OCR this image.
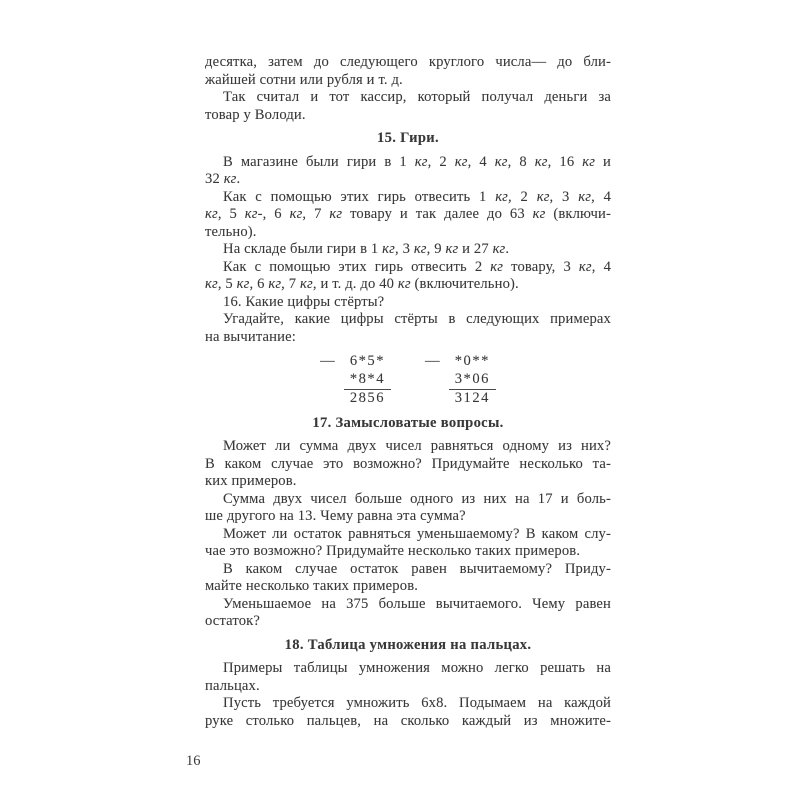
десятка, затем до следующего круглого числа— до бли-
жайшей сотни или рубля и т. д.
Так считал и тот кассир, который получал деньги за
товар у Володи.
15. Гири.
В магазине были гири в 1 кг, 2 кг, 4 кг, 8 кг, 16 кг и
32 кг.
Как с помощью этих гирь отвесить 1 кг, 2 кг, 3 кг, 4
кг, 5 кг-, 6 кг, 7 кг товару и так далее до 63 кг (включи-
тельно).
На складе были гири в 1 кг, 3 кг, 9 кг и 27 кг.
Как с помощью этих гирь отвесить 2 кг товару, 3 кг, 4
кг, 5 кг, 6 кг, 7 кг, и т. д. до 40 кг (включительно).
16. Какие цифры стёрты?
Угадайте, какие цифры стёрты в следующих примерах
на вычитание:
—	6*5*
*8*4
2856
—	*0**
3*06
3124
17. Замысловатые вопросы.
Может ли сумма двух чисел равняться одному из них?
В каком случае это возможно? Придумайте несколько та-
ких примеров.
Сумма двух чисел больше одного из них на 17 и боль-
ше другого на 13. Чему равна эта сумма?
Может ли остаток равняться уменьшаемому? В каком слу-
чае это возможно? Придумайте несколько таких примеров.
В каком случае остаток равен вычитаемому? Приду-
майте несколько таких примеров.
Уменьшаемое на 375 больше вычитаемого. Чему равен
остаток?
18. Таблица умножения на пальцах.
Примеры таблицы умножения можно легко решать на
пальцах.
Пусть требуется умножить 6х8. Подымаем на каждой
руке столько пальцев, на сколько каждый из множите-
16
